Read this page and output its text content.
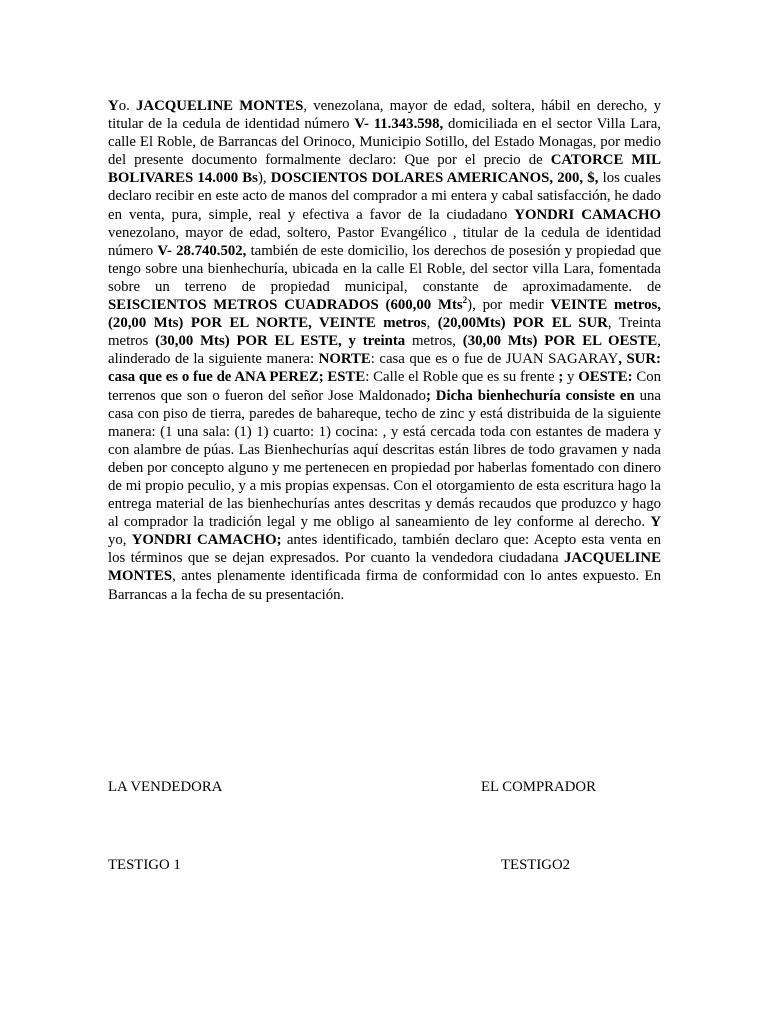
Yo. JACQUELINE MONTES, venezolana, mayor de edad, soltera, hábil en derecho, y titular de la cedula de identidad número V- 11.343.598, domiciliada en el sector Villa Lara, calle El Roble, de Barrancas del Orinoco, Municipio Sotillo, del Estado Monagas, por medio del presente documento formalmente declaro: Que por el precio de CATORCE MIL BOLIVARES 14.000 Bs), DOSCIENTOS DOLARES AMERICANOS, 200, $, los cuales declaro recibir en este acto de manos del comprador a mi entera y cabal satisfacción, he dado en venta, pura, simple, real y efectiva a favor de la ciudadano YONDRI CAMACHO venezolano, mayor de edad, soltero, Pastor Evangélico , titular de la cedula de identidad número V- 28.740.502, también de este domicilio, los derechos de posesión y propiedad que tengo sobre una bienhechuría, ubicada en la calle El Roble, del sector villa Lara, fomentada sobre un terreno de propiedad municipal, constante de aproximadamente. de SEISCIENTOS METROS CUADRADOS (600,00 Mts$^2$), por medir VEINTE metros, (20,00 Mts) POR EL NORTE, VEINTE metros, (20,00Mts) POR EL SUR, Treinta metros (30,00 Mts) POR EL ESTE, y treinta metros, (30,00 Mts) POR EL OESTE, alinderado de la siguiente manera: NORTE: casa que es o fue de JUAN SAGARAY, SUR: casa que es o fue de ANA PEREZ; ESTE: Calle el Roble que es su frente ; y OESTE: Con terrenos que son o fueron del señor Jose Maldonado; Dicha bienhechuría consiste en una casa con piso de tierra, paredes de bahareque, techo de zinc y está distribuida de la siguiente manera: (1 una sala: (1) 1) cuarto: 1) cocina: , y está cercada toda con estantes de madera y con alambre de púas. Las Bienhechurías aquí descritas están libres de todo gravamen y nada deben por concepto alguno y me pertenecen en propiedad por haberlas fomentado con dinero de mi propio peculio, y a mis propias expensas. Con el otorgamiento de esta escritura hago la entrega material de las bienhechurías antes descritas y demás recaudos que produzco y hago al comprador la tradición legal y me obligo al saneamiento de ley conforme al derecho. Y yo, YONDRI CAMACHO; antes identificado, también declaro que: Acepto esta venta en los términos que se dejan expresados. Por cuanto la vendedora ciudadana JACQUELINE MONTES, antes plenamente identificada firma de conformidad con lo antes expuesto. En Barrancas a la fecha de su presentación.

LA VENDEDORA	EL COMPRADOR
TESTIGO 1	TESTIGO2
